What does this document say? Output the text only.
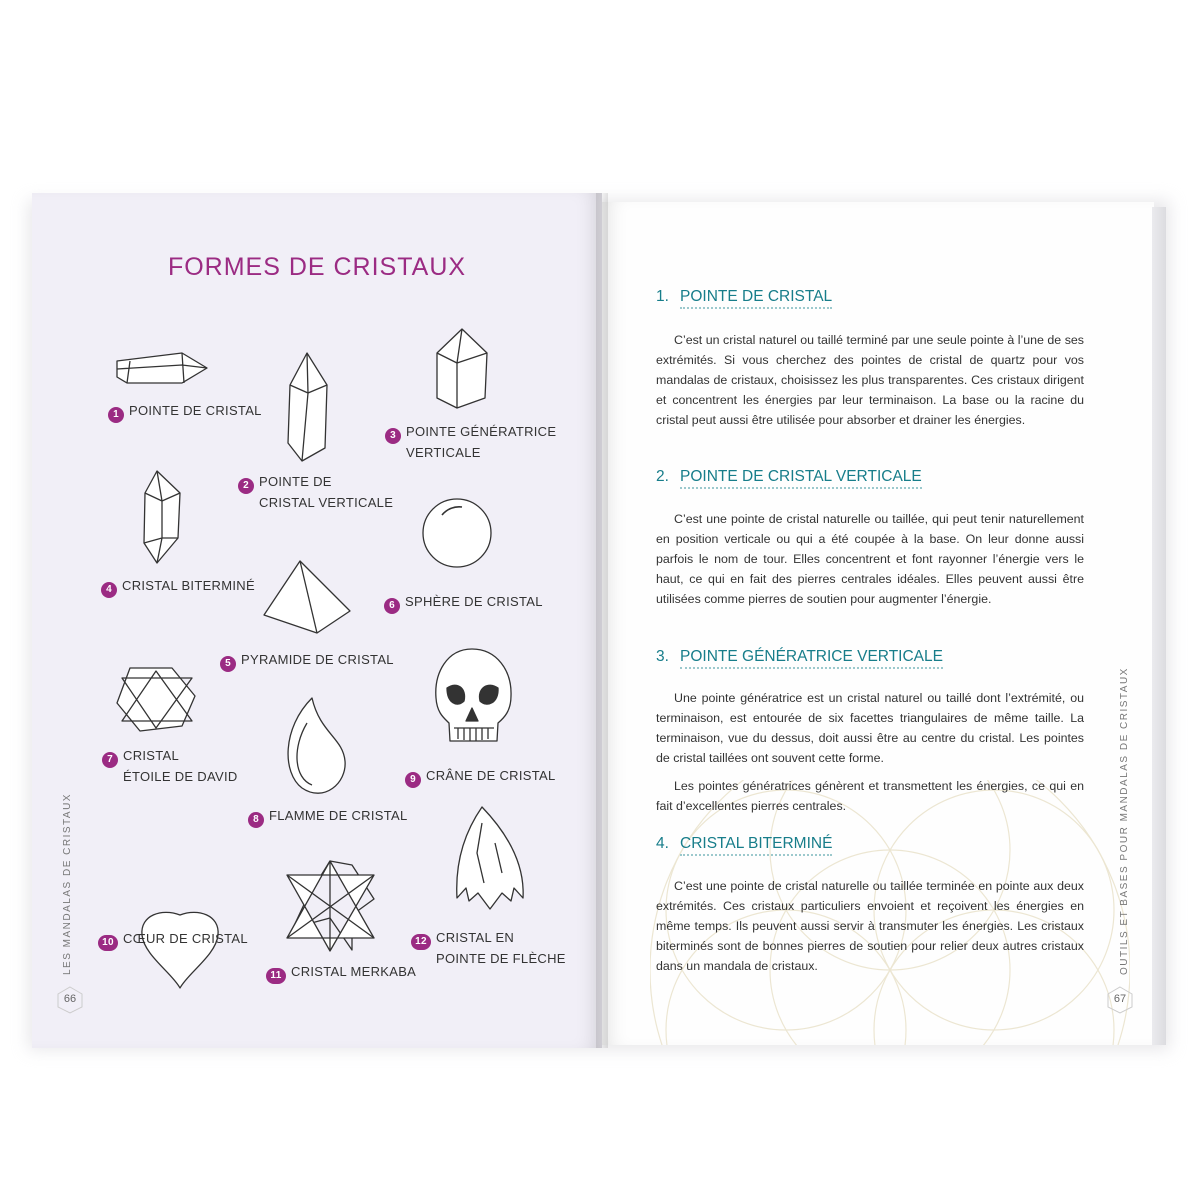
FORMES DE CRISTAUX
1 POINTE DE CRISTAL
2 POINTE DE
CRISTAL VERTICALE
3 POINTE GÉNÉRATRICE
VERTICALE
4 CRISTAL BITERMINÉ
5 PYRAMIDE DE CRISTAL
6 SPHÈRE DE CRISTAL
7 CRISTAL
ÉTOILE DE DAVID
8 FLAMME DE CRISTAL
9 CRÂNE DE CRISTAL
10 CŒUR DE CRISTAL
11 CRISTAL MERKABA
12 CRISTAL EN
POINTE DE FLÈCHE
LES MANDALAS DE CRISTAUX
66
1. POINTE DE CRISTAL
C’est un cristal naturel ou taillé terminé par une seule pointe à l’une de ses extrémités. Si vous cherchez des pointes de cristal de quartz pour vos mandalas de cristaux, choisissez les plus transparentes. Ces cristaux dirigent et concentrent les énergies par leur terminaison. La base ou la racine du cristal peut aussi être utilisée pour absorber et drainer les énergies.
2. POINTE DE CRISTAL VERTICALE
C’est une pointe de cristal naturelle ou taillée, qui peut tenir naturellement en position verticale ou qui a été coupée à la base. On leur donne aussi parfois le nom de tour. Elles concentrent et font rayonner l’énergie vers le haut, ce qui en fait des pierres centrales idéales. Elles peuvent aussi être utilisées comme pierres de soutien pour augmenter l’énergie.
3. POINTE GÉNÉRATRICE VERTICALE
Une pointe génératrice est un cristal naturel ou taillé dont l’extrémité, ou terminaison, est entourée de six facettes triangulaires de même taille. La terminaison, vue du dessus, doit aussi être au centre du cristal. Les pointes de cristal taillées ont souvent cette forme.
Les pointes génératrices génèrent et transmettent les énergies, ce qui en fait d’excellentes pierres centrales.
4. CRISTAL BITERMINÉ
C’est une pointe de cristal naturelle ou taillée terminée en pointe aux deux extrémités. Ces cristaux particuliers envoient et reçoivent les énergies en même temps. Ils peuvent aussi servir à transmuter les énergies. Les cristaux biterminés sont de bonnes pierres de soutien pour relier deux autres cristaux dans un mandala de cristaux.	OUTILS ET BASES POUR MANDALAS DE CRISTAUX
67
